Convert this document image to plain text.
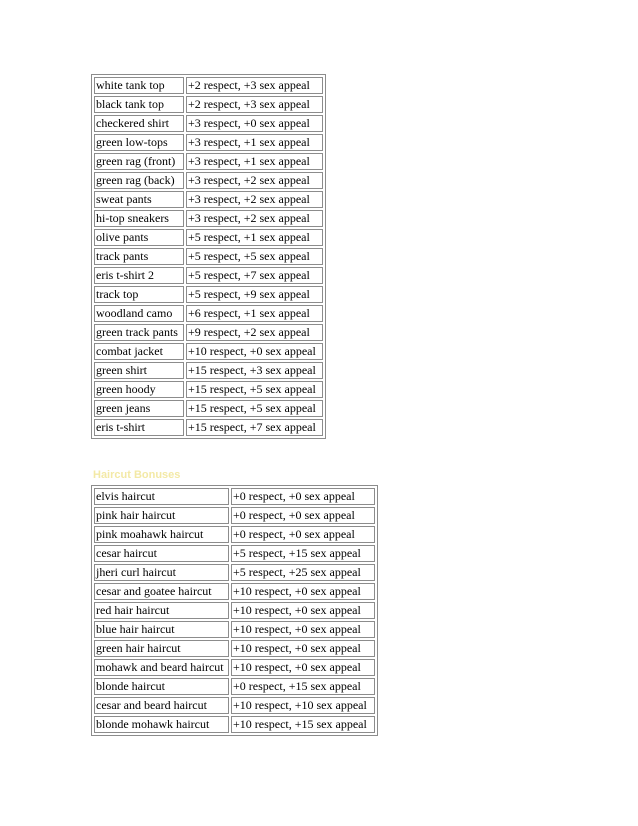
white tank top	+2 respect, +3 sex appeal
black tank top	+2 respect, +3 sex appeal
checkered shirt	+3 respect, +0 sex appeal
green low-tops	+3 respect, +1 sex appeal
green rag (front)	+3 respect, +1 sex appeal
green rag (back)	+3 respect, +2 sex appeal
sweat pants	+3 respect, +2 sex appeal
hi-top sneakers	+3 respect, +2 sex appeal
olive pants	+5 respect, +1 sex appeal
track pants	+5 respect, +5 sex appeal
eris t-shirt 2	+5 respect, +7 sex appeal
track top	+5 respect, +9 sex appeal
woodland camo	+6 respect, +1 sex appeal
green track pants	+9 respect, +2 sex appeal
combat jacket	+10 respect, +0 sex appeal
green shirt	+15 respect, +3 sex appeal
green hoody	+15 respect, +5 sex appeal
green jeans	+15 respect, +5 sex appeal
eris t-shirt	+15 respect, +7 sex appeal
Haircut Bonuses
elvis haircut	+0 respect, +0 sex appeal
pink hair haircut	+0 respect, +0 sex appeal
pink moahawk haircut	+0 respect, +0 sex appeal
cesar haircut	+5 respect, +15 sex appeal
jheri curl haircut	+5 respect, +25 sex appeal
cesar and goatee haircut	+10 respect, +0 sex appeal
red hair haircut	+10 respect, +0 sex appeal
blue hair haircut	+10 respect, +0 sex appeal
green hair haircut	+10 respect, +0 sex appeal
mohawk and beard haircut	+10 respect, +0 sex appeal
blonde haircut	+0 respect, +15 sex appeal
cesar and beard haircut	+10 respect, +10 sex appeal
blonde mohawk haircut	+10 respect, +15 sex appeal
